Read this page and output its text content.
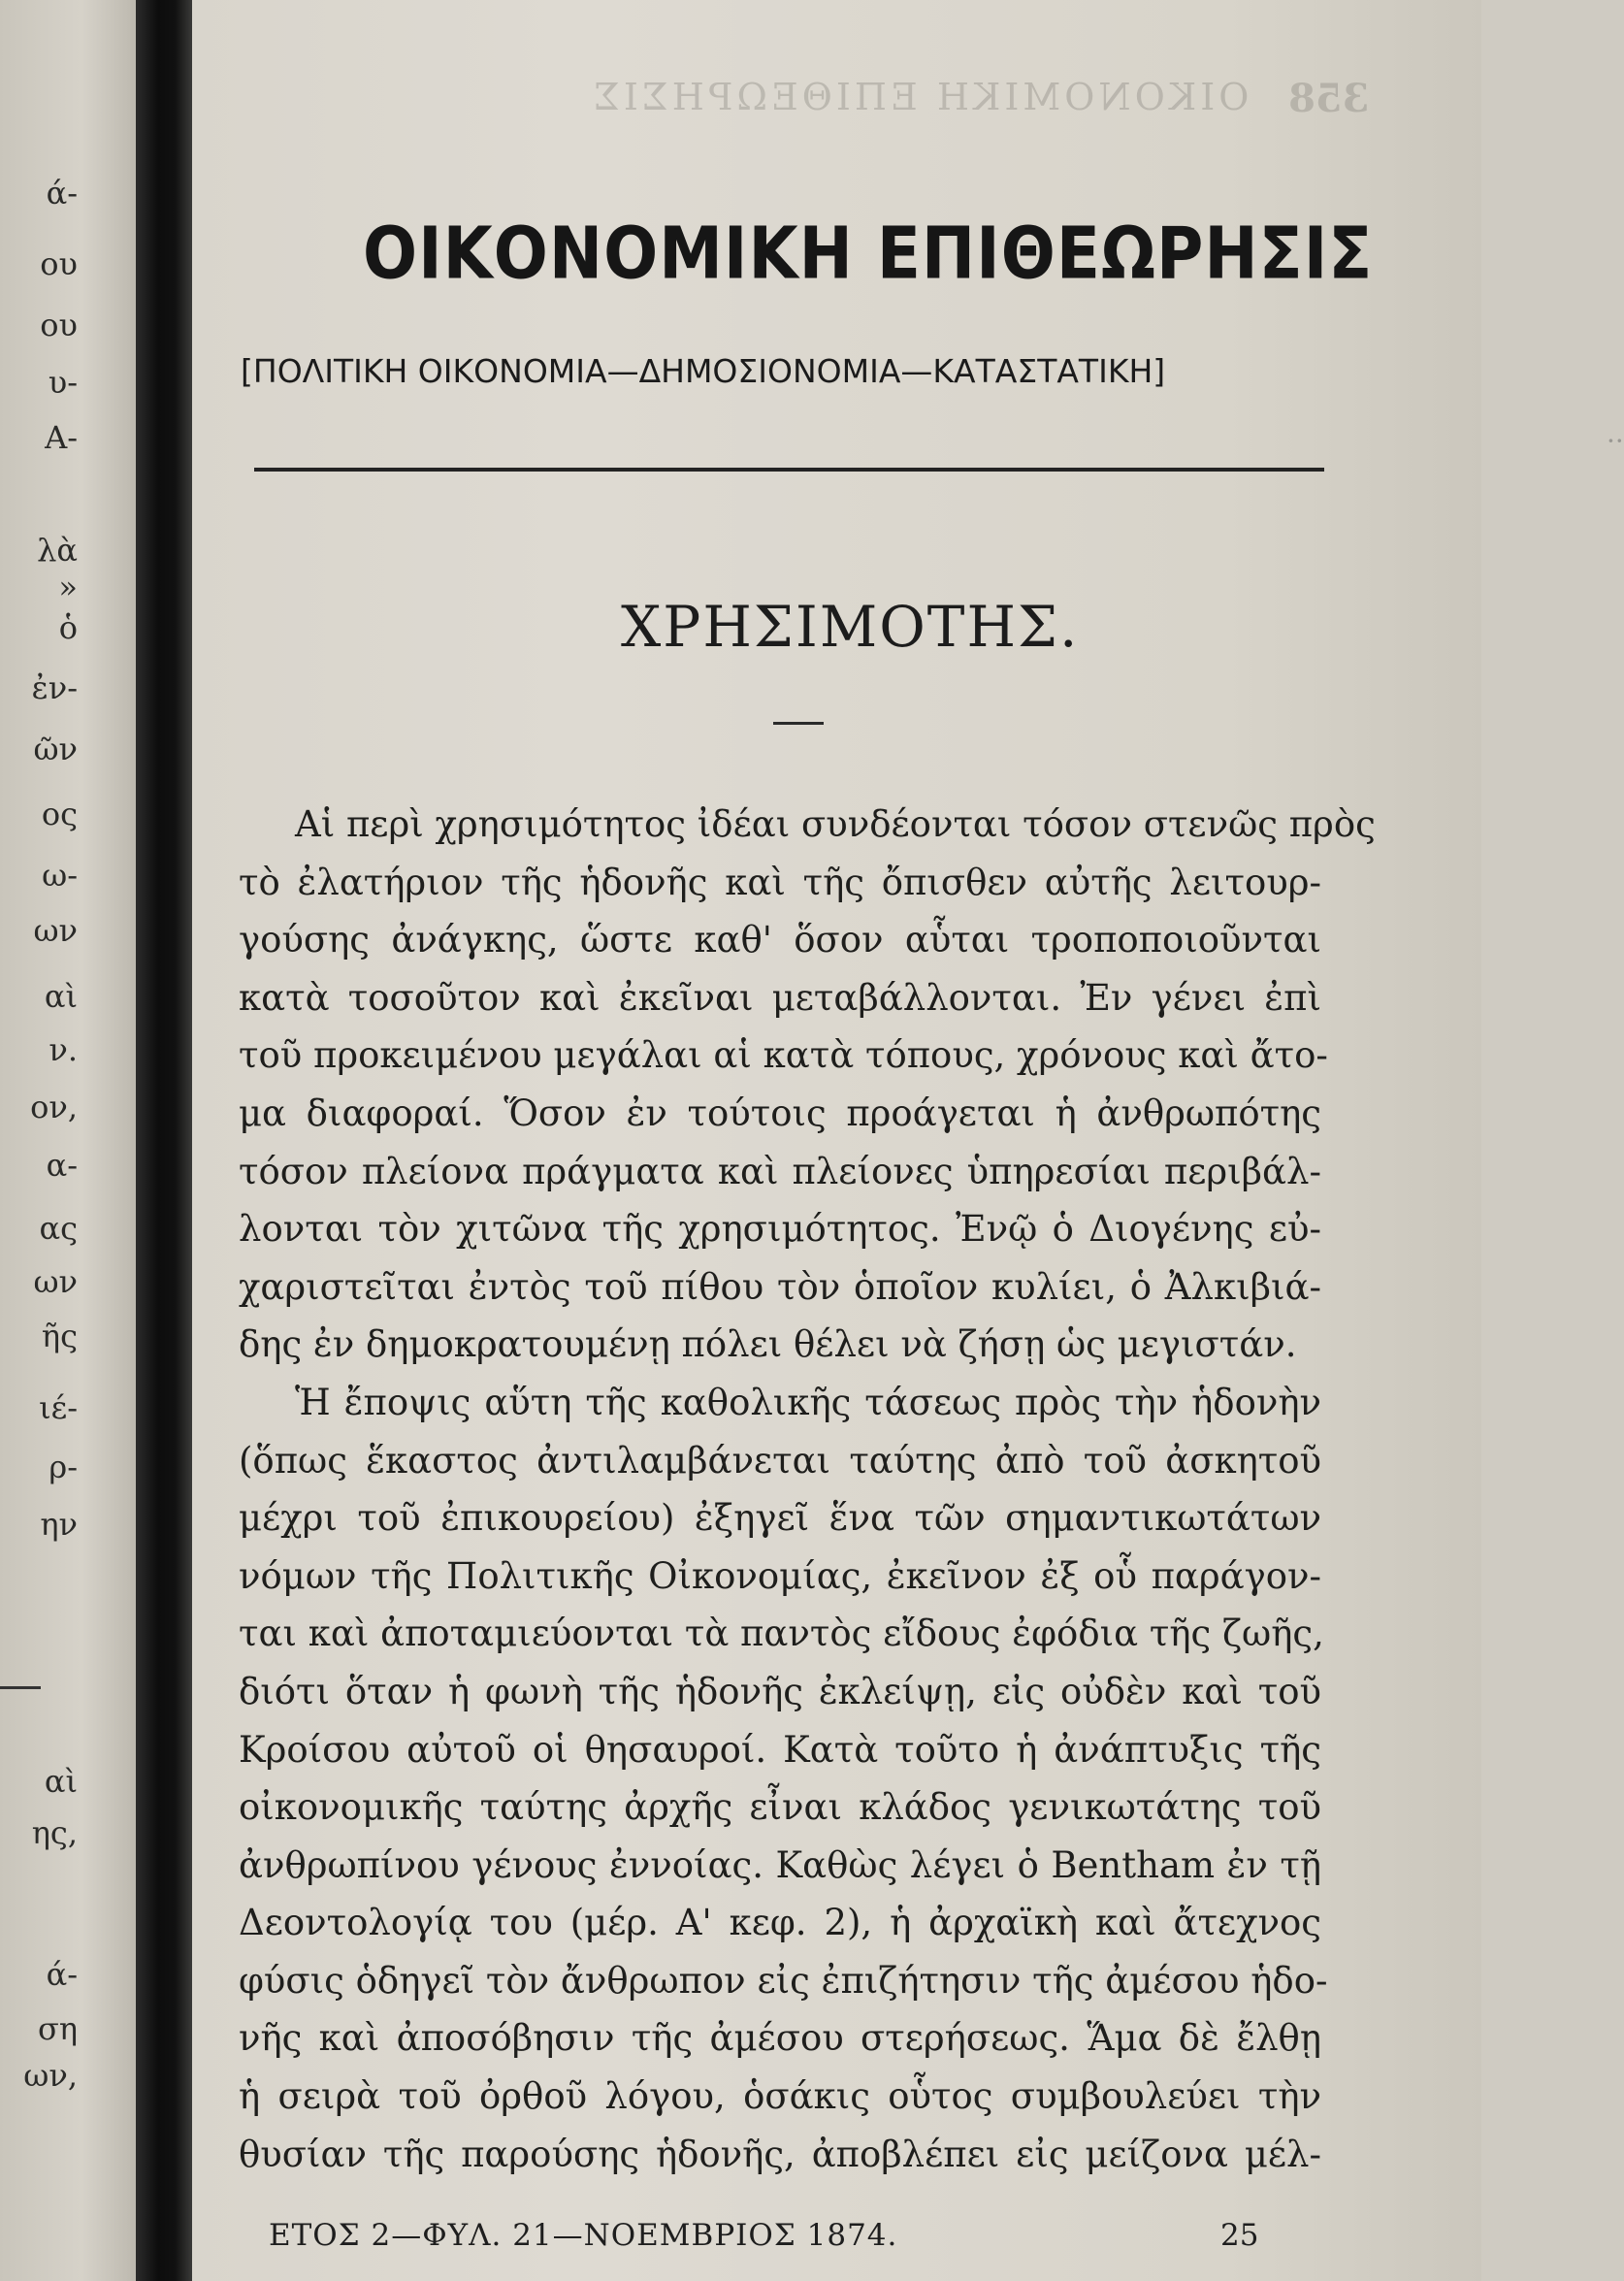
ά-
ου
ου
υ-
Α-
λὰ
»
ὁ
ἐν-
ῶν
ος
ω-
ων
αὶ
ν.
ον,
α-
ας
ων
ῆς
ιέ-
ρ-
ην
αὶ
ης,
ά-
ση
ων,
ΟΙΚΟΝΟΜΙΚΗ ΕΠΙΘΕΩΡΗΣΙΣ 358
··
ΟΙΚΟΝΟΜΙΚΗ ΕΠΙΘΕΩΡΗΣΙΣ
[ΠΟΛΙΤΙΚΗ ΟΙΚΟΝΟΜΙΑ—ΔΗΜΟΣΙΟΝΟΜΙΑ—ΚΑΤΑΣΤΑΤΙΚΗ]
ΧΡΗΣΙΜΟΤΗΣ.
Αἱ περὶ χρησιμότητος ἰδέαι συνδέονται τόσον στενῶς πρὸς
τὸ ἐλατήριον τῆς ἡδονῆς καὶ τῆς ὄπισθεν αὐτῆς λειτουρ-
γούσης ἀνάγκης, ὥστε καθ' ὅσον αὗται τροποποιοῦνται
κατὰ τοσοῦτον καὶ ἐκεῖναι μεταβάλλονται. Ἐν γένει ἐπὶ
τοῦ προκειμένου μεγάλαι αἱ κατὰ τόπους, χρόνους καὶ ἄτο-
μα διαφοραί. Ὅσον ἐν τούτοις προάγεται ἡ ἀνθρωπότης
τόσον πλείονα πράγματα καὶ πλείονες ὑπηρεσίαι περιβάλ-
λονται τὸν χιτῶνα τῆς χρησιμότητος. Ἐνῷ ὁ Διογένης εὐ-
χαριστεῖται ἐντὸς τοῦ πίθου τὸν ὁποῖον κυλίει, ὁ Ἀλκιβιά-
δης ἐν δημοκρατουμένῃ πόλει θέλει νὰ ζήσῃ ὡς μεγιστάν.
Ἡ ἔποψις αὕτη τῆς καθολικῆς τάσεως πρὸς τὴν ἡδονὴν
(ὅπως ἕκαστος ἀντιλαμβάνεται ταύτης ἀπὸ τοῦ ἀσκητοῦ
μέχρι τοῦ ἐπικουρείου) ἐξηγεῖ ἕνα τῶν σημαντικωτάτων
νόμων τῆς Πολιτικῆς Οἰκονομίας, ἐκεῖνον ἐξ οὗ παράγον-
ται καὶ ἀποταμιεύονται τὰ παντὸς εἴδους ἐφόδια τῆς ζωῆς,
διότι ὅταν ἡ φωνὴ τῆς ἡδονῆς ἐκλείψῃ, εἰς οὐδὲν καὶ τοῦ
Κροίσου αὐτοῦ οἱ θησαυροί. Κατὰ τοῦτο ἡ ἀνάπτυξις τῆς
οἰκονομικῆς ταύτης ἀρχῆς εἶναι κλάδος γενικωτάτης τοῦ
ἀνθρωπίνου γένους ἐννοίας. Καθὼς λέγει ὁ Bentham ἐν τῇ
Δεοντολογίᾳ του (μέρ. Α' κεφ. 2), ἡ ἀρχαϊκὴ καὶ ἄτεχνος
φύσις ὁδηγεῖ τὸν ἄνθρωπον εἰς ἐπιζήτησιν τῆς ἀμέσου ἡδο-
νῆς καὶ ἀποσόβησιν τῆς ἀμέσου στερήσεως. Ἅμα δὲ ἔλθῃ
ἡ σειρὰ τοῦ ὀρθοῦ λόγου, ὁσάκις οὗτος συμβουλεύει τὴν
θυσίαν τῆς παρούσης ἡδονῆς, ἀποβλέπει εἰς μείζονα μέλ-
ΕΤΟΣ 2—ΦΥΛ. 21—ΝΟΕΜΒΡΙΟΣ 1874.	25
